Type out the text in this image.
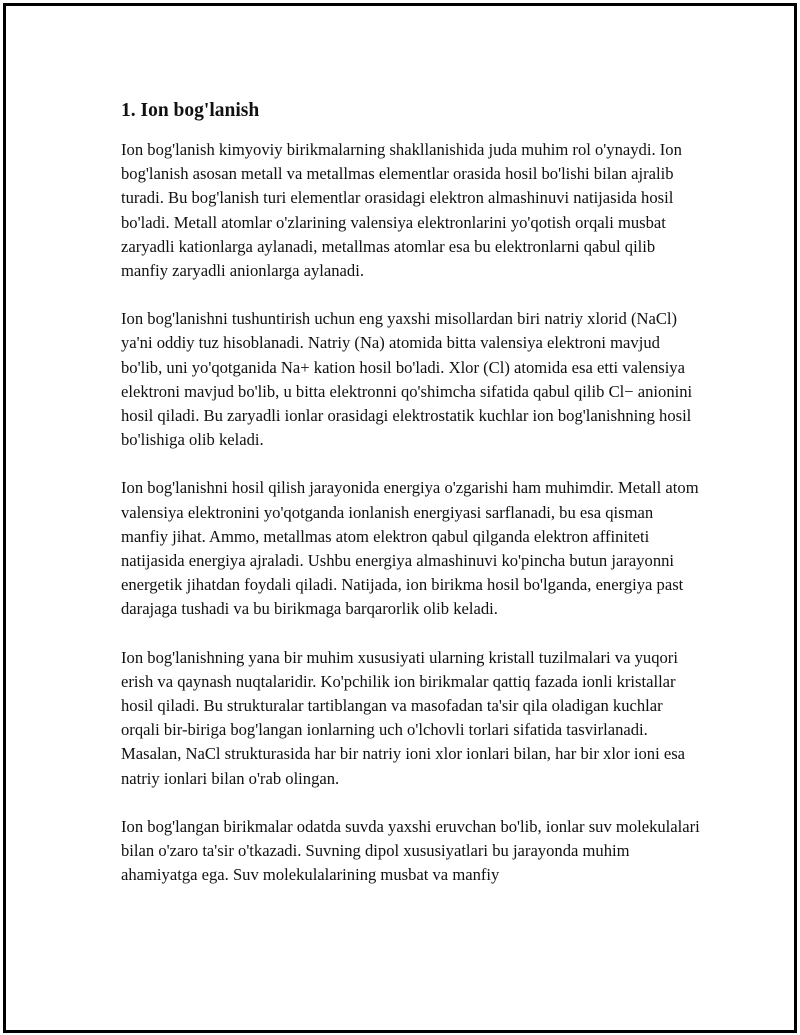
1. Ion bog'lanish

Ion bog'lanish kimyoviy birikmalarning shakllanishida juda muhim rol o'ynaydi. Ion bog'lanish asosan metall va metallmas elementlar orasida hosil bo'lishi bilan ajralib turadi. Bu bog'lanish turi elementlar orasidagi elektron almashinuvi natijasida hosil bo'ladi. Metall atomlar o'zlarining valensiya elektronlarini yo'qotish orqali musbat zaryadli kationlarga aylanadi, metallmas atomlar esa bu elektronlarni qabul qilib manfiy zaryadli anionlarga aylanadi.

Ion bog'lanishni tushuntirish uchun eng yaxshi misollardan biri natriy xlorid (NaCl) ya'ni oddiy tuz hisoblanadi. Natriy (Na) atomida bitta valensiya elektroni mavjud bo'lib, uni yo'qotganida Na+ kation hosil bo'ladi. Xlor (Cl) atomida esa etti valensiya elektroni mavjud bo'lib, u bitta elektronni qo'shimcha sifatida qabul qilib Cl− anionini hosil qiladi. Bu zaryadli ionlar orasidagi elektrostatik kuchlar ion bog'lanishning hosil bo'lishiga olib keladi.

Ion bog'lanishni hosil qilish jarayonida energiya o'zgarishi ham muhimdir. Metall atom valensiya elektronini yo'qotganda ionlanish energiyasi sarflanadi, bu esa qisman manfiy jihat. Ammo, metallmas atom elektron qabul qilganda elektron affiniteti natijasida energiya ajraladi. Ushbu energiya almashinuvi ko'pincha butun jarayonni energetik jihatdan foydali qiladi. Natijada, ion birikma hosil bo'lganda, energiya past darajaga tushadi va bu birikmaga barqarorlik olib keladi.

Ion bog'lanishning yana bir muhim xususiyati ularning kristall tuzilmalari va yuqori erish va qaynash nuqtalaridir. Ko'pchilik ion birikmalar qattiq fazada ionli kristallar hosil qiladi. Bu strukturalar tartiblangan va masofadan ta'sir qila oladigan kuchlar orqali bir-biriga bog'langan ionlarning uch o'lchovli torlari sifatida tasvirlanadi. Masalan, NaCl strukturasida har bir natriy ioni xlor ionlari bilan, har bir xlor ioni esa natriy ionlari bilan o'rab olingan.

Ion bog'langan birikmalar odatda suvda yaxshi eruvchan bo'lib, ionlar suv molekulalari bilan o'zaro ta'sir o'tkazadi. Suvning dipol xususiyatlari bu jarayonda muhim ahamiyatga ega. Suv molekulalarining musbat va manfiy
